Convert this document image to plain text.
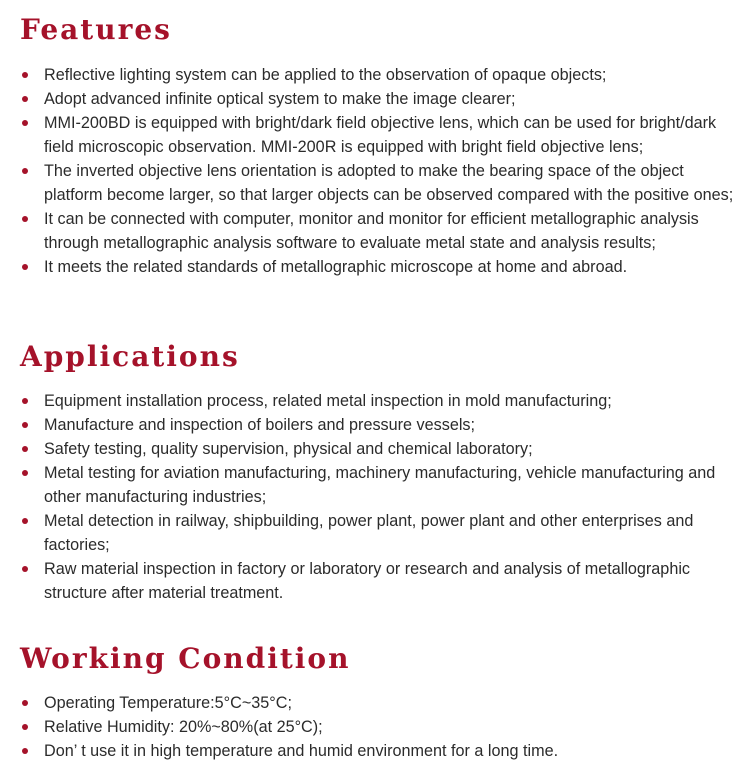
Features
Reflective lighting system can be applied to the observation of opaque objects;
Adopt advanced infinite optical system to make the image clearer;
MMI-200BD is equipped with bright/dark field objective lens, which can be used for bright/dark field microscopic observation. MMI-200R is equipped with bright field objective lens;
The inverted objective lens orientation is adopted to make the bearing space of the object platform become larger, so that larger objects can be observed compared with the positive ones;
It can be connected with computer, monitor and monitor for efficient metallographic analysis through metallographic analysis software to evaluate metal state and analysis results;
It meets the related standards of metallographic microscope at home and abroad.
Applications
Equipment installation process, related metal inspection in mold manufacturing;
Manufacture and inspection of boilers and pressure vessels;
Safety testing, quality supervision, physical and chemical laboratory;
Metal testing for aviation manufacturing, machinery manufacturing, vehicle manufacturing and other manufacturing industries;
Metal detection in railway, shipbuilding, power plant, power plant and other enterprises and factories;
Raw material inspection in factory or laboratory or research and analysis of metallographic structure after material treatment.
Working Condition
Operating Temperature:5°C~35°C;
Relative Humidity: 20%~80%(at 25°C);
Don’ t use it in high temperature and humid environment for a long time.
